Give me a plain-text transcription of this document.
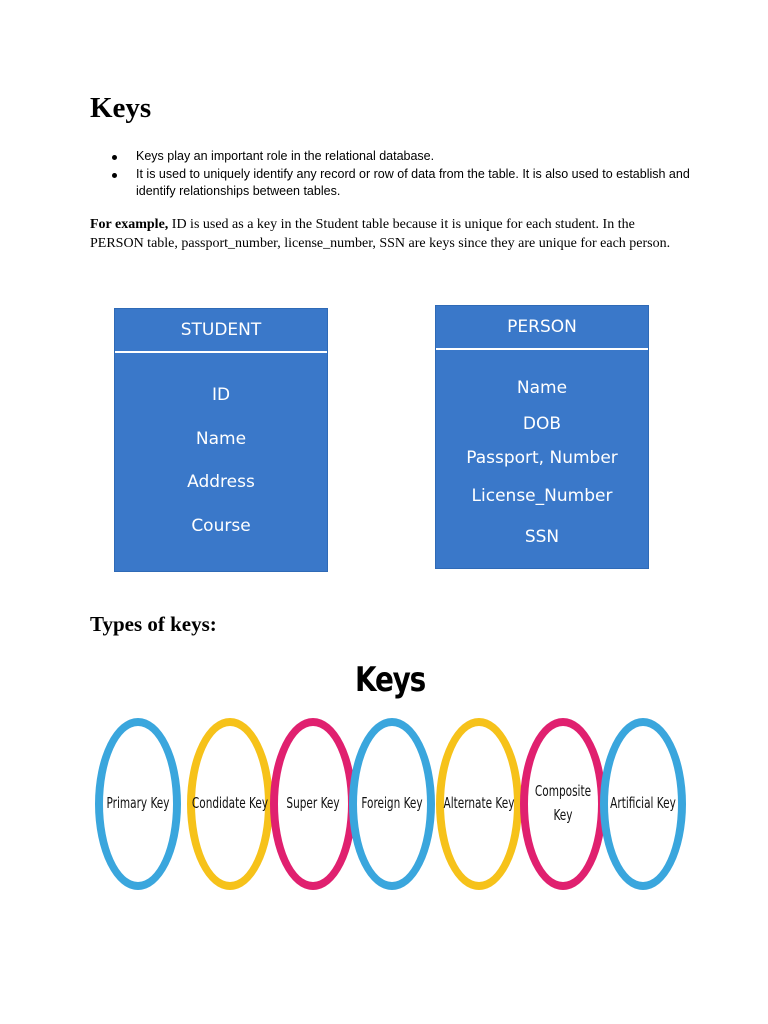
Keys
Keys play an important role in the relational database.
It is used to uniquely identify any record or row of data from the table. It is also used to establish and identify relationships between tables.

For example, ID is used as a key in the Student table because it is unique for each student. In the PERSON table, passport_number, license_number, SSN are keys since they are unique for each person.

STUDENT
ID
Name
Address
Course
PERSON
Name
DOB
Passport, Number
License_Number
SSN
Types of keys:
Keys
Primary Key	Condidate Key	Super Key	Foreign Key	Alternate Key
Composite Key
Artificial Key
